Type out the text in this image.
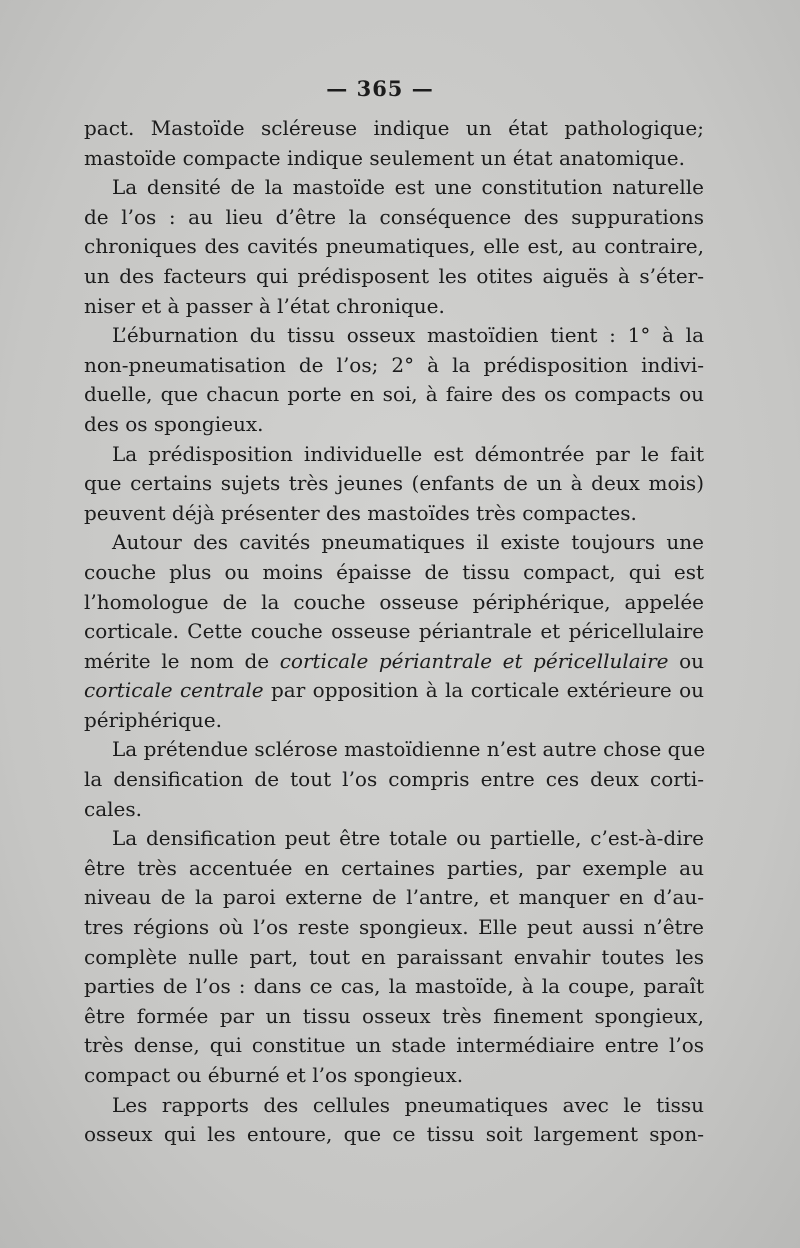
— 365 —
pact. Mastoïde scléreuse indique un état pathologique;
mastoïde compacte indique seulement un état anatomique.
La densité de la mastoïde est une constitution naturelle
de l’os : au lieu d’être la conséquence des suppurations
chroniques des cavités pneumatiques, elle est, au contraire,
un des facteurs qui prédisposent les otites aiguës à s’éter-
niser et à passer à l’état chronique.
L’éburnation du tissu osseux mastoïdien tient : 1° à la
non-pneumatisation de l’os; 2° à la prédisposition indivi-
duelle, que chacun porte en soi, à faire des os compacts ou
des os spongieux.
La prédisposition individuelle est démontrée par le fait
que certains sujets très jeunes (enfants de un à deux mois)
peuvent déjà présenter des mastoïdes très compactes.
Autour des cavités pneumatiques il existe toujours une
couche plus ou moins épaisse de tissu compact, qui est
l’homologue de la couche osseuse périphérique, appelée
corticale. Cette couche osseuse périantrale et péricellulaire
mérite le nom de corticale périantrale et péricellulaire ou
corticale centrale par opposition à la corticale extérieure ou
périphérique.
La prétendue sclérose mastoïdienne n’est autre chose que
la densification de tout l’os compris entre ces deux corti-
cales.
La densification peut être totale ou partielle, c’est-à-dire
être très accentuée en certaines parties, par exemple au
niveau de la paroi externe de l’antre, et manquer en d’au-
tres régions où l’os reste spongieux. Elle peut aussi n’être
complète nulle part, tout en paraissant envahir toutes les
parties de l’os : dans ce cas, la mastoïde, à la coupe, paraît
être formée par un tissu osseux très finement spongieux,
très dense, qui constitue un stade intermédiaire entre l’os
compact ou éburné et l’os spongieux.
Les rapports des cellules pneumatiques avec le tissu
osseux qui les entoure, que ce tissu soit largement spon-
